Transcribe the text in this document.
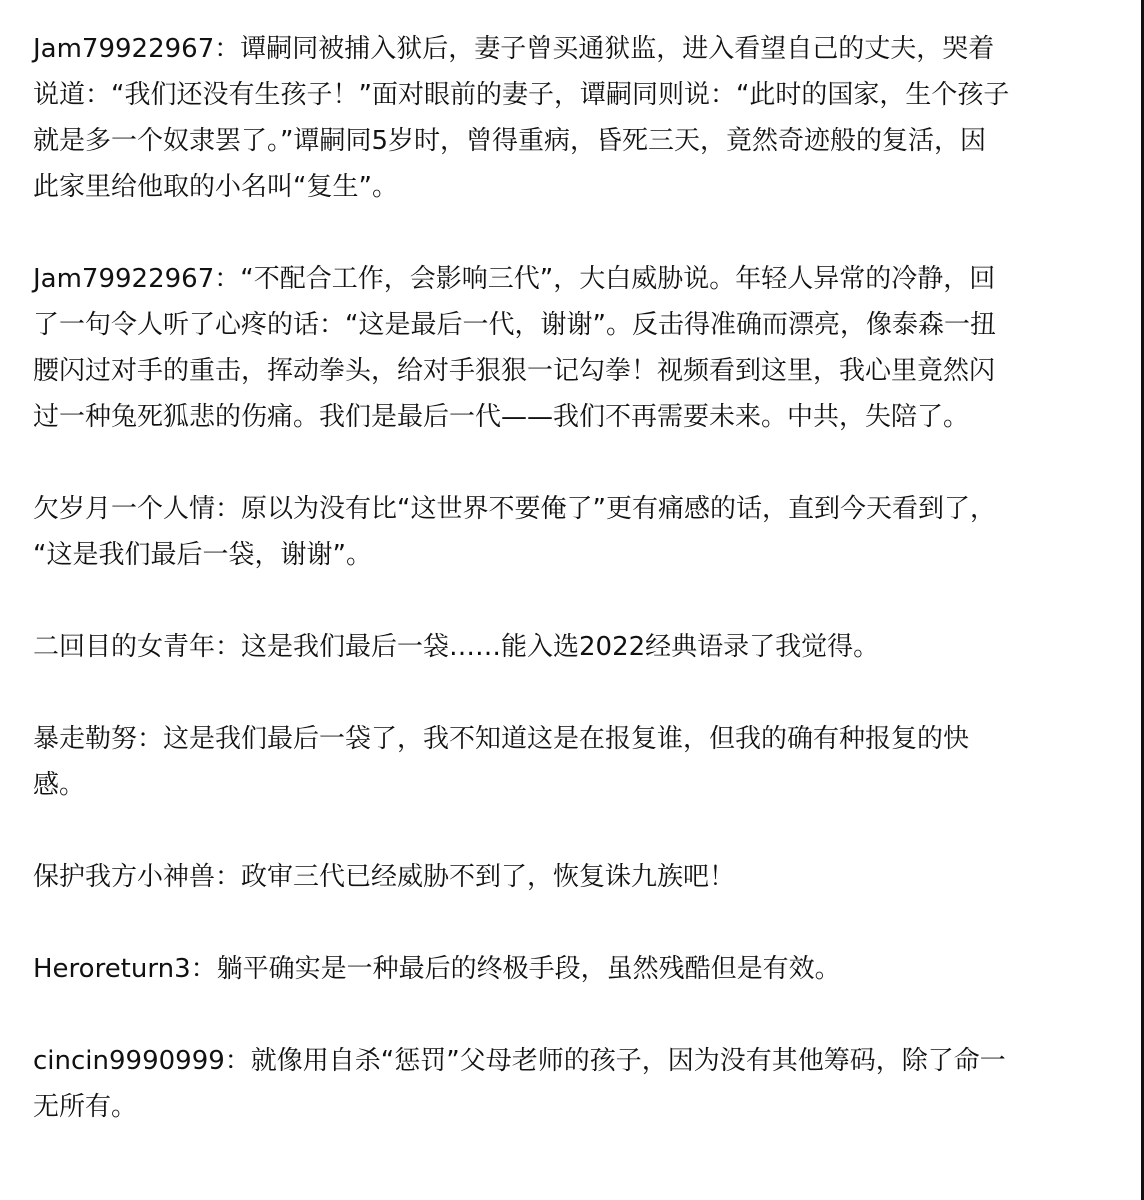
Jam79922967：谭嗣同被捕入狱后，妻子曾买通狱监，进入看望自己的丈夫，哭着
说道：“我们还没有生孩子！”面对眼前的妻子，谭嗣同则说：“此时的国家，生个孩子
就是多一个奴隶罢了。”谭嗣同5岁时，曾得重病，昏死三天，竟然奇迹般的复活，因
此家里给他取的小名叫“复生”。

Jam79922967：“不配合工作，会影响三代”，大白威胁说。年轻人异常的冷静，回
了一句令人听了心疼的话：“这是最后一代，谢谢”。反击得准确而漂亮，像泰森一扭
腰闪过对手的重击，挥动拳头，给对手狠狠一记勾拳！视频看到这里，我心里竟然闪
过一种兔死狐悲的伤痛。我们是最后一代——我们不再需要未来。中共，失陪了。

欠岁月一个人情：原以为没有比“这世界不要俺了”更有痛感的话，直到今天看到了，
“这是我们最后一袋，谢谢”。

二回目的女青年：这是我们最后一袋……能入选2022经典语录了我觉得。

暴走勒努：这是我们最后一袋了，我不知道这是在报复谁，但我的确有种报复的快
感。

保护我方小神兽：政审三代已经威胁不到了，恢复诛九族吧！

Heroreturn3：躺平确实是一种最后的终极手段，虽然残酷但是有效。

cincin9990999：就像用自杀“惩罚”父母老师的孩子，因为没有其他筹码，除了命一
无所有。
